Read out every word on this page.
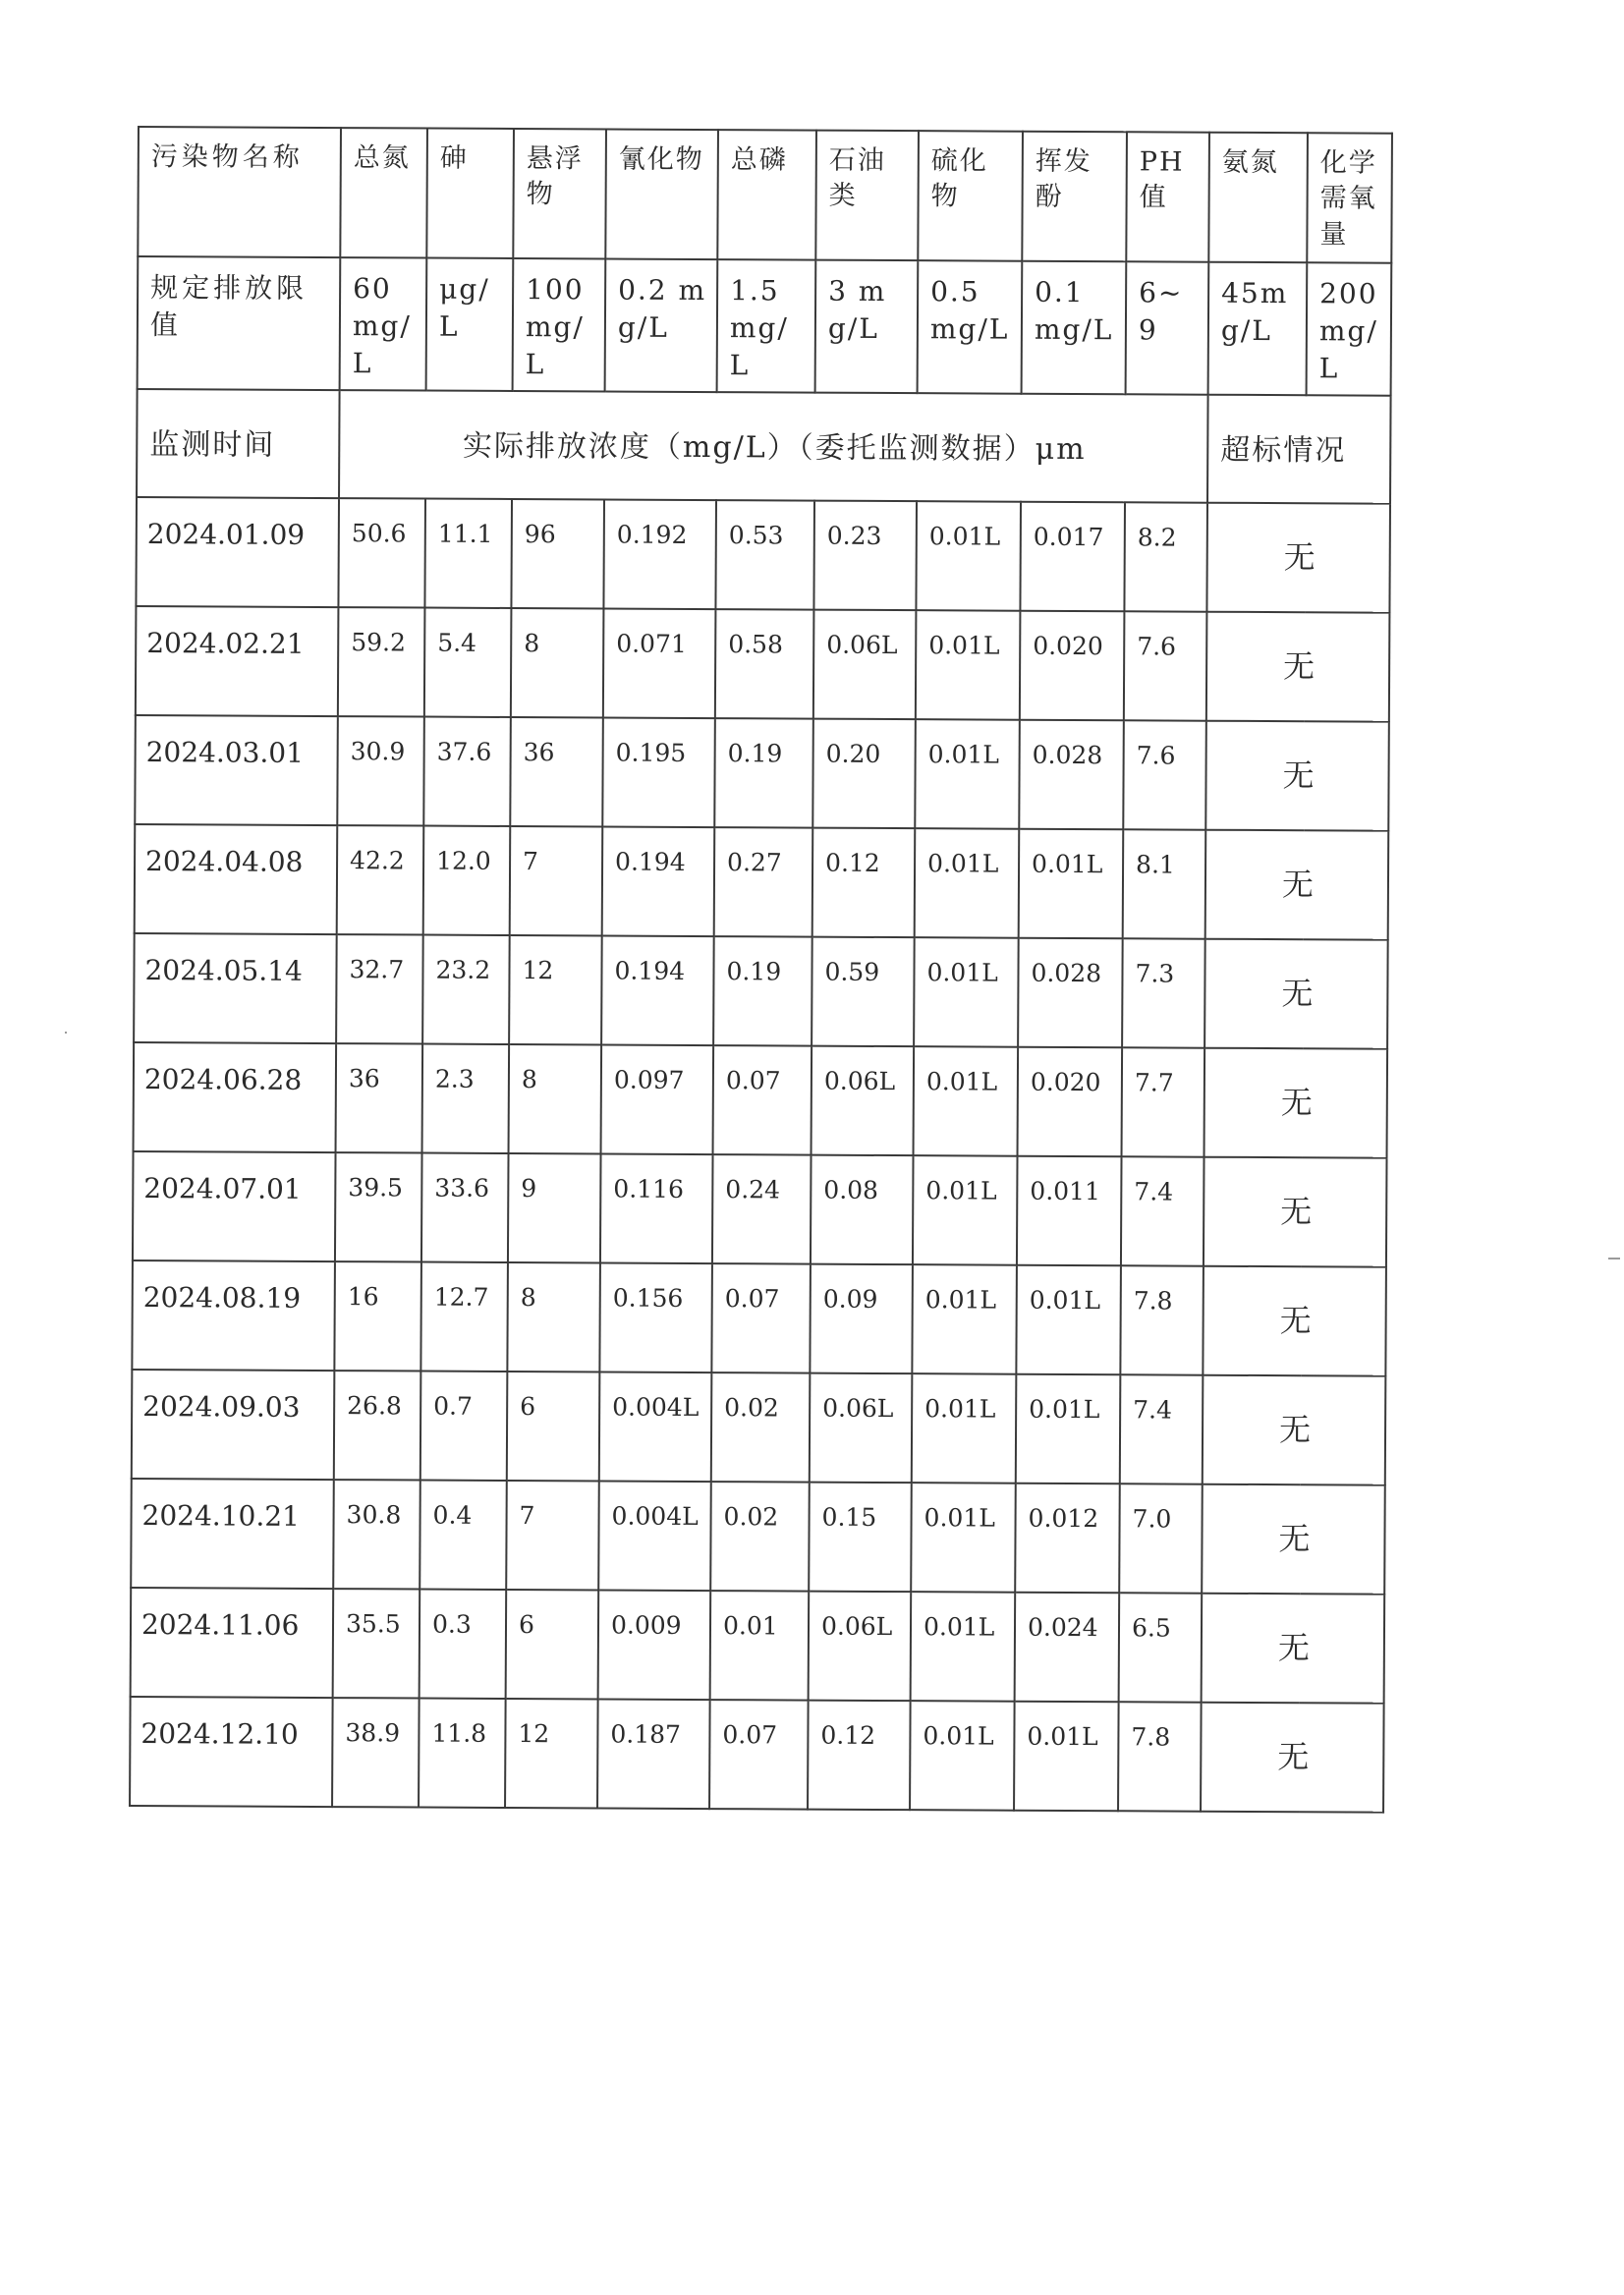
污染物名称	总氮	砷	悬浮物	氰化物	总磷	石油类	硫化物	挥发酚	PH值	氨氮	化学需氧量
规定排放限值	60mg/L	μg/L	100 mg/L	0.2 mg/L	1.5 mg/L	3 mg/L	0.5 mg/L	0.1 mg/L	6~9	45mg/L	200 mg/L
监测时间	实际排放浓度（mg/L）（委托监测数据）μm									超标情况	
2024.01.09	50.6	11.1	96	0.192	0.53	0.23	0.01L	0.017	8.2	无	
2024.02.21	59.2	5.4	8	0.071	0.58	0.06L	0.01L	0.020	7.6	无	
2024.03.01	30.9	37.6	36	0.195	0.19	0.20	0.01L	0.028	7.6	无	
2024.04.08	42.2	12.0	7	0.194	0.27	0.12	0.01L	0.01L	8.1	无	
2024.05.14	32.7	23.2	12	0.194	0.19	0.59	0.01L	0.028	7.3	无	
2024.06.28	36	2.3	8	0.097	0.07	0.06L	0.01L	0.020	7.7	无	
2024.07.01	39.5	33.6	9	0.116	0.24	0.08	0.01L	0.011	7.4	无	
2024.08.19	16	12.7	8	0.156	0.07	0.09	0.01L	0.01L	7.8	无	
2024.09.03	26.8	0.7	6	0.004L	0.02	0.06L	0.01L	0.01L	7.4	无	
2024.10.21	30.8	0.4	7	0.004L	0.02	0.15	0.01L	0.012	7.0	无	
2024.11.06	35.5	0.3	6	0.009	0.01	0.06L	0.01L	0.024	6.5	无	
2024.12.10	38.9	11.8	12	0.187	0.07	0.12	0.01L	0.01L	7.8	无	
